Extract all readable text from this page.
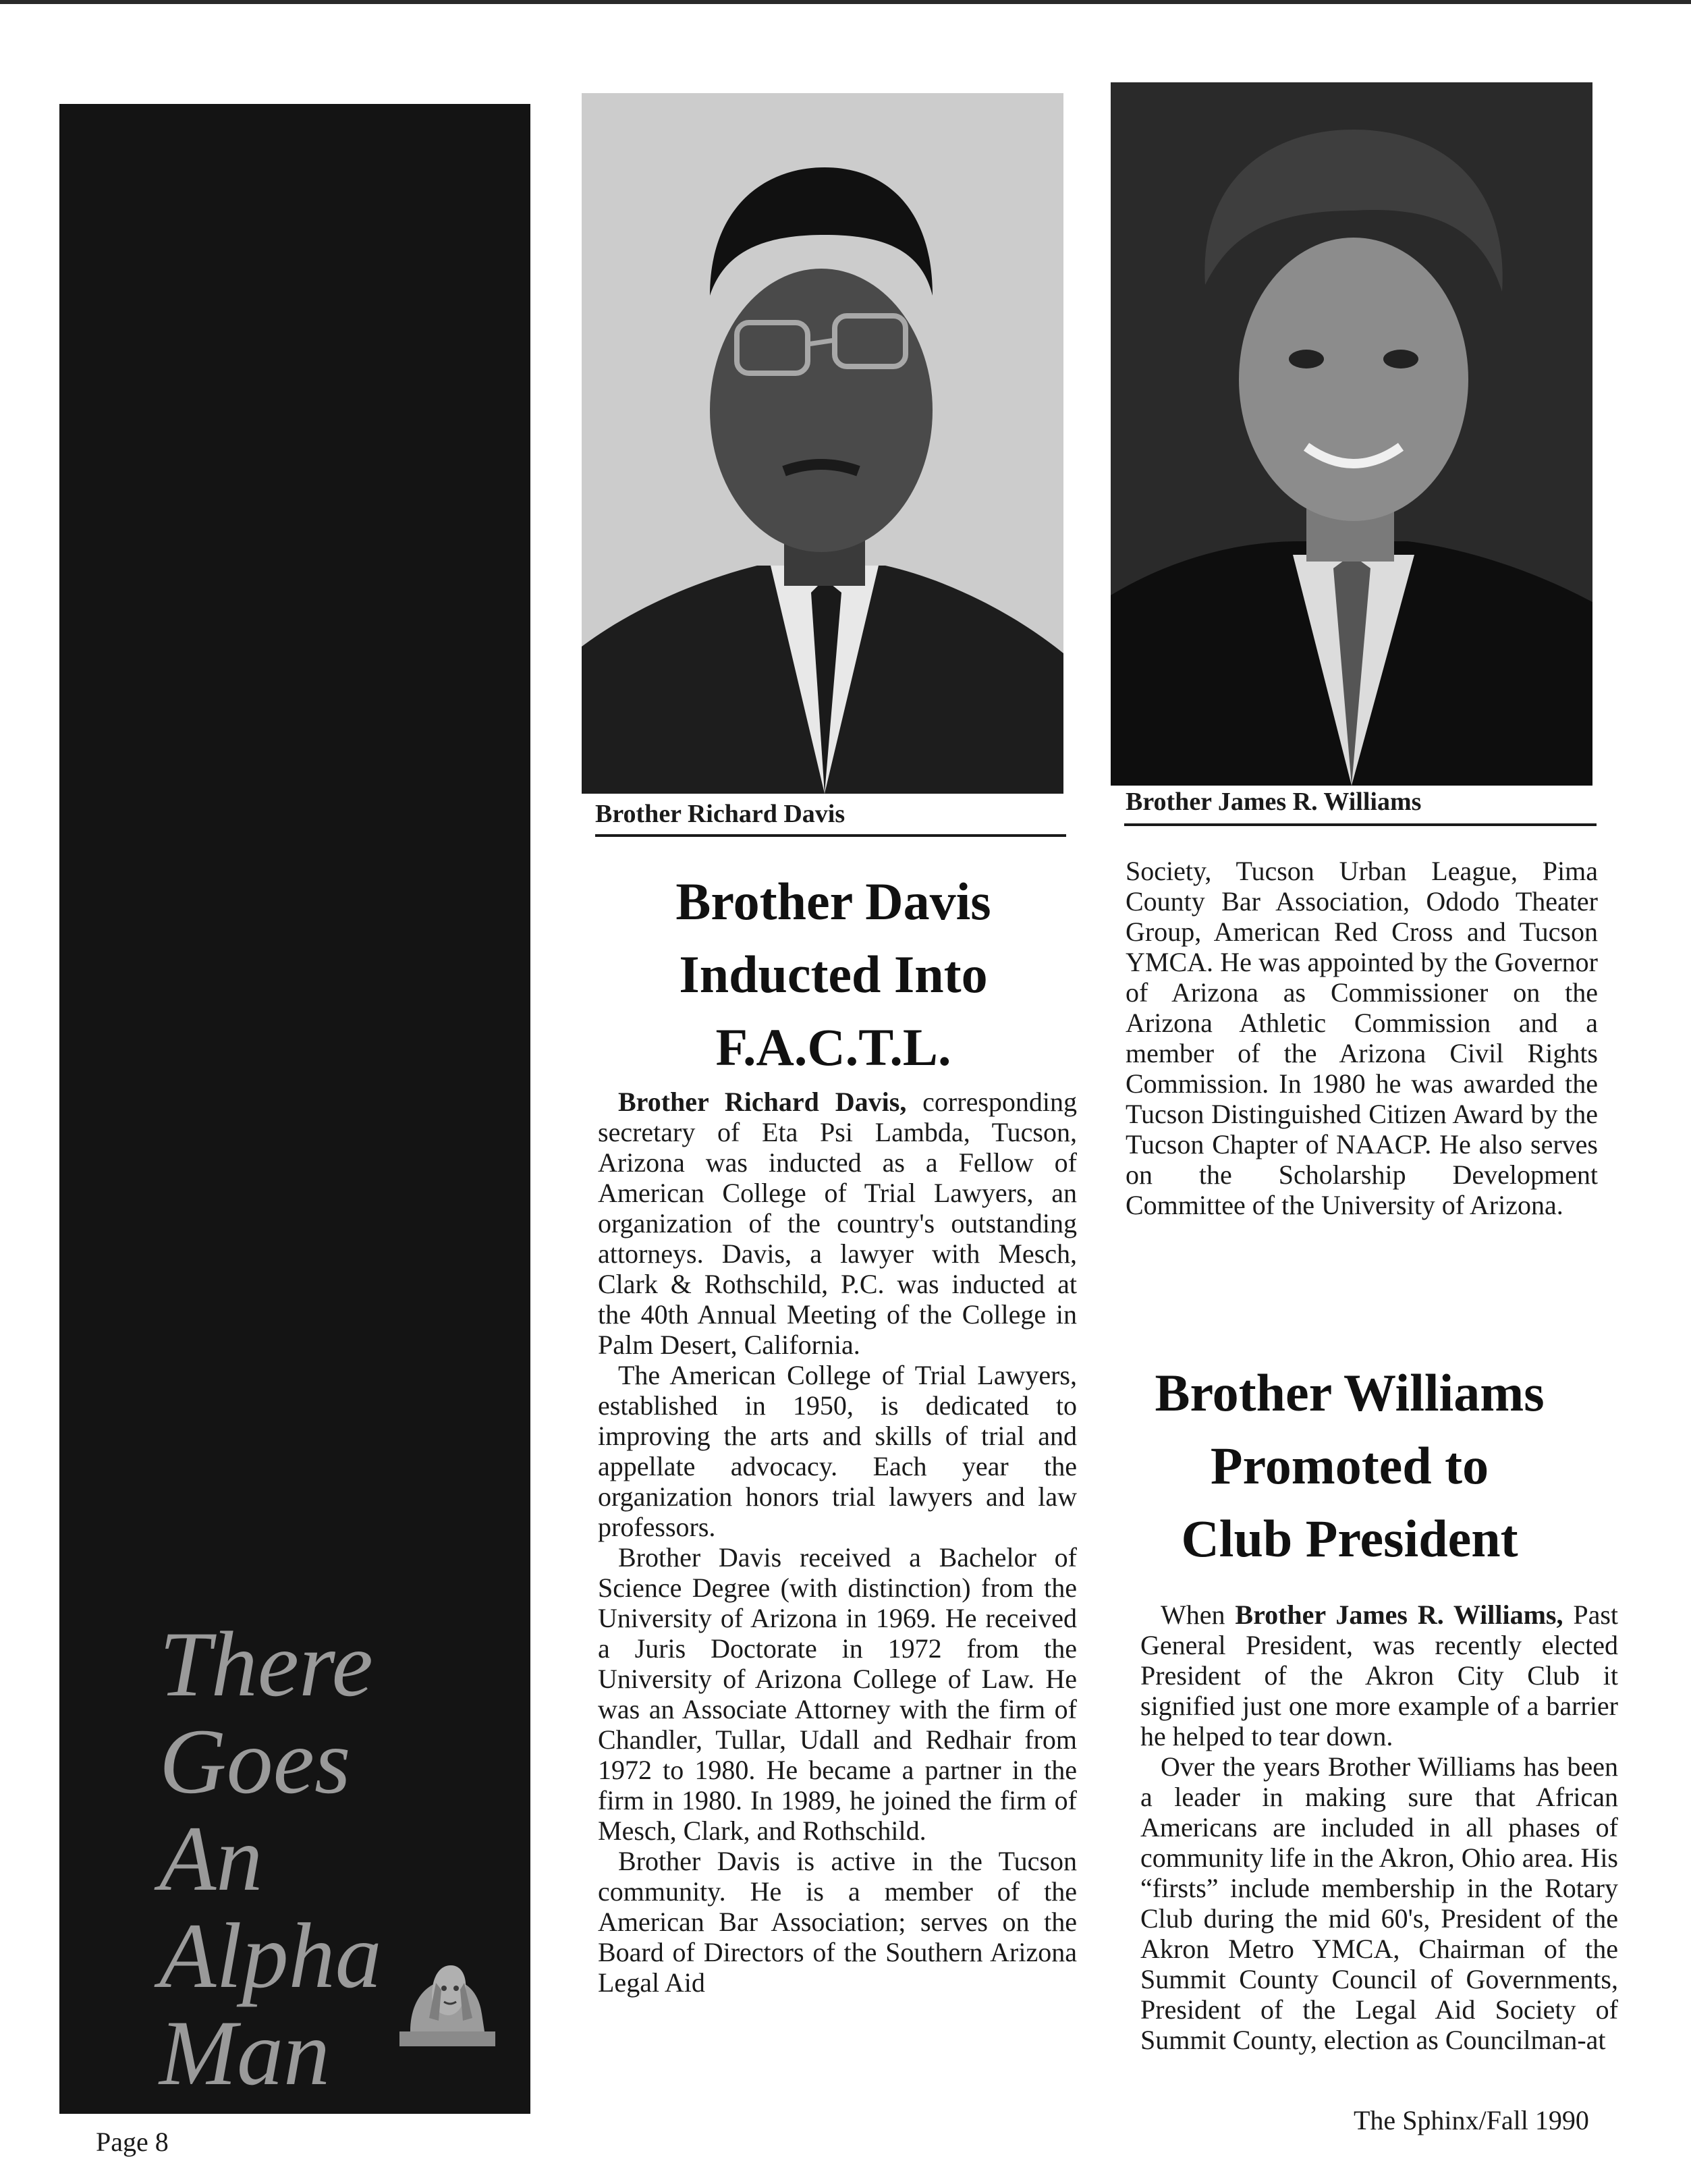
There
Goes
An
Alpha
Man
Brother Richard Davis	Brother James R. Williams
Brother Davis
Inducted Into
F.A.C.T.L.

Brother Richard Davis, corresponding secretary of Eta Psi Lambda, Tucson, Arizona was inducted as a Fellow of American College of Trial Lawyers, an organization of the country's outstanding attorneys. Davis, a lawyer with Mesch, Clark & Rothschild, P.C. was inducted at the 40th Annual Meeting of the College in Palm Desert, California.

The American College of Trial Lawyers, established in 1950, is dedicated to improving the arts and skills of trial and appellate advocacy. Each year the organization honors trial lawyers and law professors.

Brother Davis received a Bachelor of Science Degree (with distinction) from the University of Arizona in 1969. He received a Juris Doctorate in 1972 from the University of Arizona College of Law. He was an Associate Attorney with the firm of Chandler, Tullar, Udall and Redhair from 1972 to 1980. He became a partner in the firm in 1980. In 1989, he joined the firm of Mesch, Clark, and Rothschild.

Brother Davis is active in the Tucson community. He is a member of the American Bar Association; serves on the Board of Directors of the Southern Arizona Legal Aid

Society, Tucson Urban League, Pima County Bar Association, Ododo Theater Group, American Red Cross and Tucson YMCA. He was appointed by the Governor of Arizona as Commissioner on the Arizona Athletic Commission and a member of the Arizona Civil Rights Commission. In 1980 he was awarded the Tucson Distinguished Citizen Award by the Tucson Chapter of NAACP. He also serves on the Scholarship Development Committee of the University of Arizona.

Brother Williams
Promoted to
Club President

When Brother James R. Williams, Past General President, was recently elected President of the Akron City Club it signified just one more example of a barrier he helped to tear down.

Over the years Brother Williams has been a leader in making sure that African Americans are included in all phases of community life in the Akron, Ohio area. His “firsts” include membership in the Rotary Club during the mid 60's, President of the Akron Metro YMCA, Chairman of the Summit County Council of Governments, President of the Legal Aid Society of Summit County, election as Councilman-at

Page 8
The Sphinx/Fall 1990
